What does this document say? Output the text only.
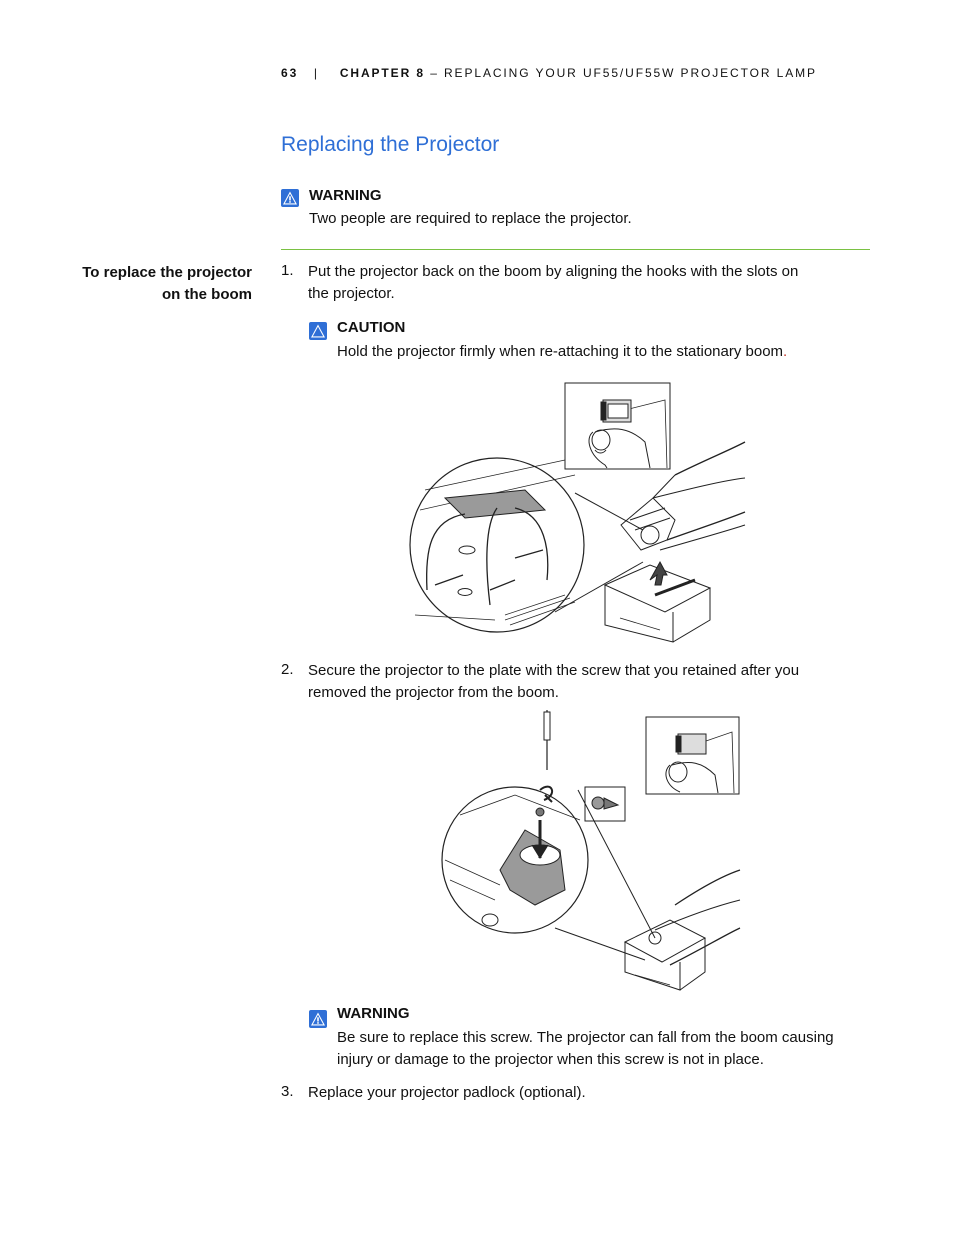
63 | CHAPTER 8 – REPLACING YOUR UF55/UF55W PROJECTOR LAMP
Replacing the Projector
WARNING
Two people are required to replace the projector.
To replace the projector
on the boom
1. Put the projector back on the boom by aligning the hooks with the slots on
the projector.
CAUTION
Hold the projector firmly when re-attaching it to the stationary boom.
2. Secure the projector to the plate with the screw that you retained after you
removed the projector from the boom.
WARNING
Be sure to replace this screw. The projector can fall from the boom causing
injury or damage to the projector when this screw is not in place.
3. Replace your projector padlock (optional).
